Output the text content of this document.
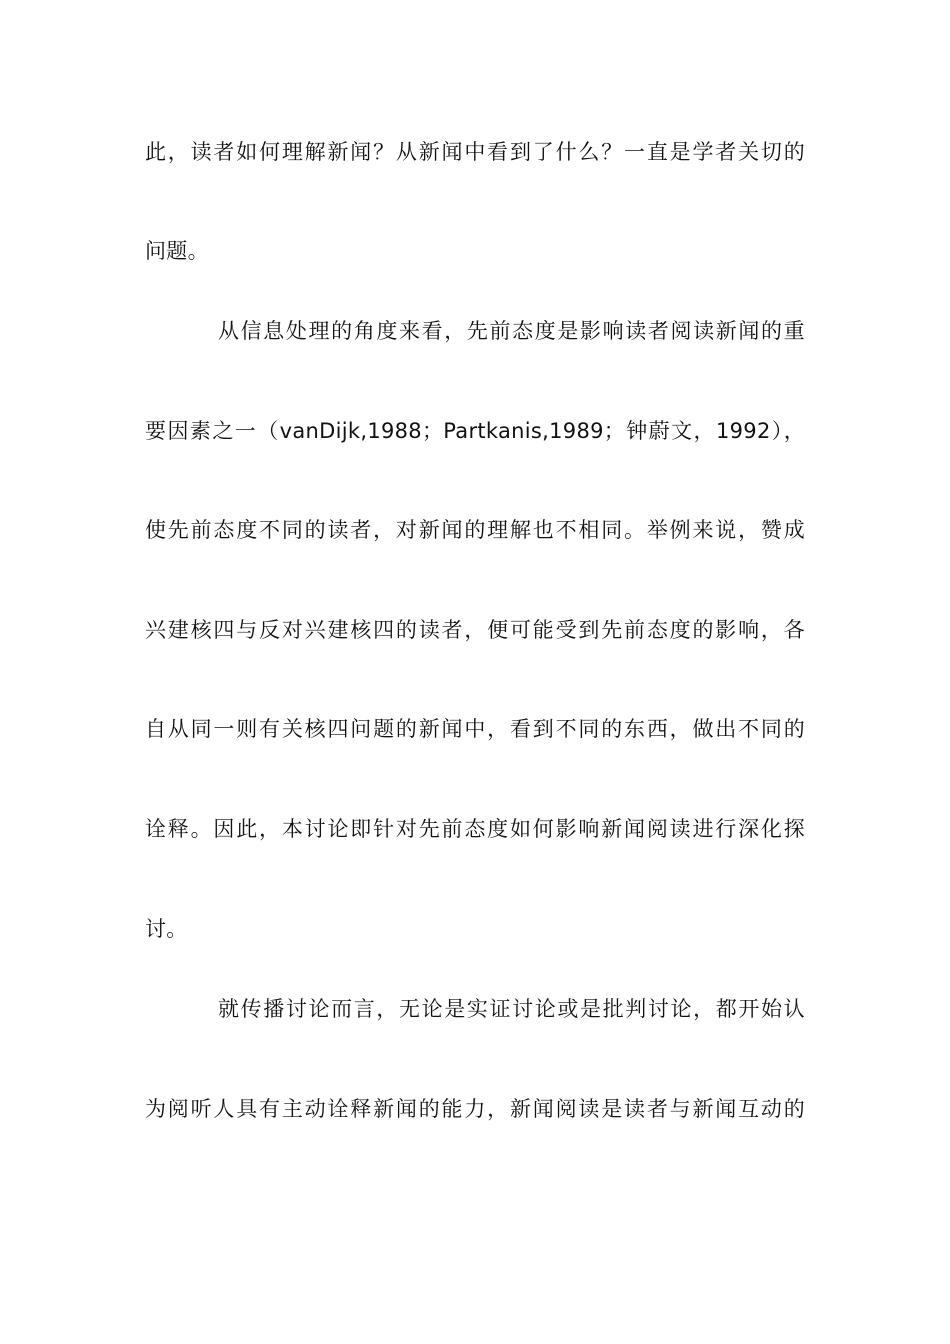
此，读者如何理解新闻？从新闻中看到了什么？一直是学者关切的
问题。
从信息处理的角度来看，先前态度是影响读者阅读新闻的重
要因素之一（vanDijk,1988；Partkanis,1989；钟蔚文，1992），
使先前态度不同的读者，对新闻的理解也不相同。举例来说，赞成
兴建核四与反对兴建核四的读者，便可能受到先前态度的影响，各
自从同一则有关核四问题的新闻中，看到不同的东西，做出不同的
诠释。因此，本讨论即针对先前态度如何影响新闻阅读进行深化探
讨。
就传播讨论而言，无论是实证讨论或是批判讨论，都开始认
为阅听人具有主动诠释新闻的能力，新闻阅读是读者与新闻互动的
